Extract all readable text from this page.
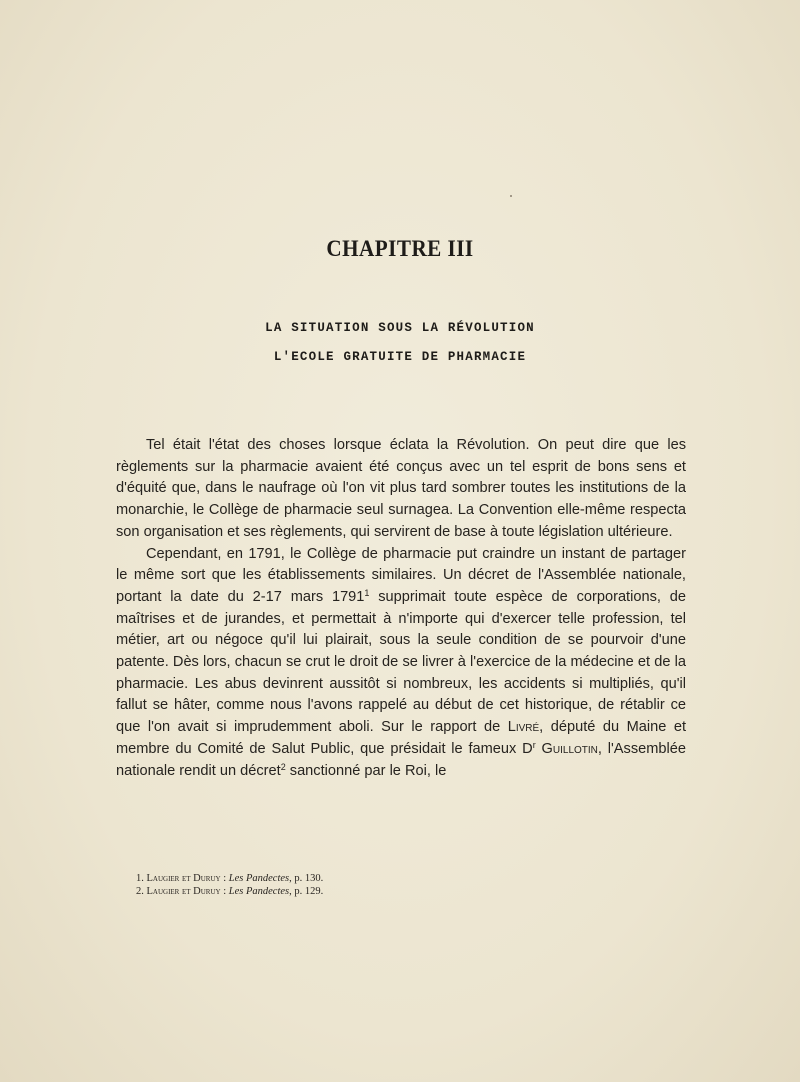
CHAPITRE III
LA SITUATION SOUS LA RÉVOLUTION
L'ECOLE GRATUITE DE PHARMACIE

Tel était l'état des choses lorsque éclata la Révolution. On peut dire que les règlements sur la pharmacie avaient été conçus avec un tel esprit de bons sens et d'équité que, dans le naufrage où l'on vit plus tard sombrer toutes les institutions de la monarchie, le Collège de pharmacie seul surnagea. La Convention elle-même respecta son organisation et ses règlements, qui servirent de base à toute législation ultérieure.

Cependant, en 1791, le Collège de pharmacie put craindre un instant de partager le même sort que les établissements similaires. Un décret de l'Assemblée nationale, portant la date du 2-17 mars 1791$^1$ supprimait toute espèce de corporations, de maîtrises et de jurandes, et permettait à n'importe qui d'exercer telle profession, tel métier, art ou négoce qu'il lui plairait, sous la seule condition de se pourvoir d'une patente. Dès lors, chacun se crut le droit de se livrer à l'exercice de la médecine et de la pharmacie. Les abus devinrent aussitôt si nombreux, les accidents si multipliés, qu'il fallut se hâter, comme nous l'avons rappelé au début de cet historique, de rétablir ce que l'on avait si imprudemment aboli. Sur le rapport de Livré, député du Maine et membre du Comité de Salut Public, que présidait le fameux $D^r$ Guillotin, l'Assemblée nationale rendit un décret$^2$ sanctionné par le Roi, le

1. Laugier et Duruy : Les Pandectes, p. 130.
2. Laugier et Duruy : Les Pandectes, p. 129.
